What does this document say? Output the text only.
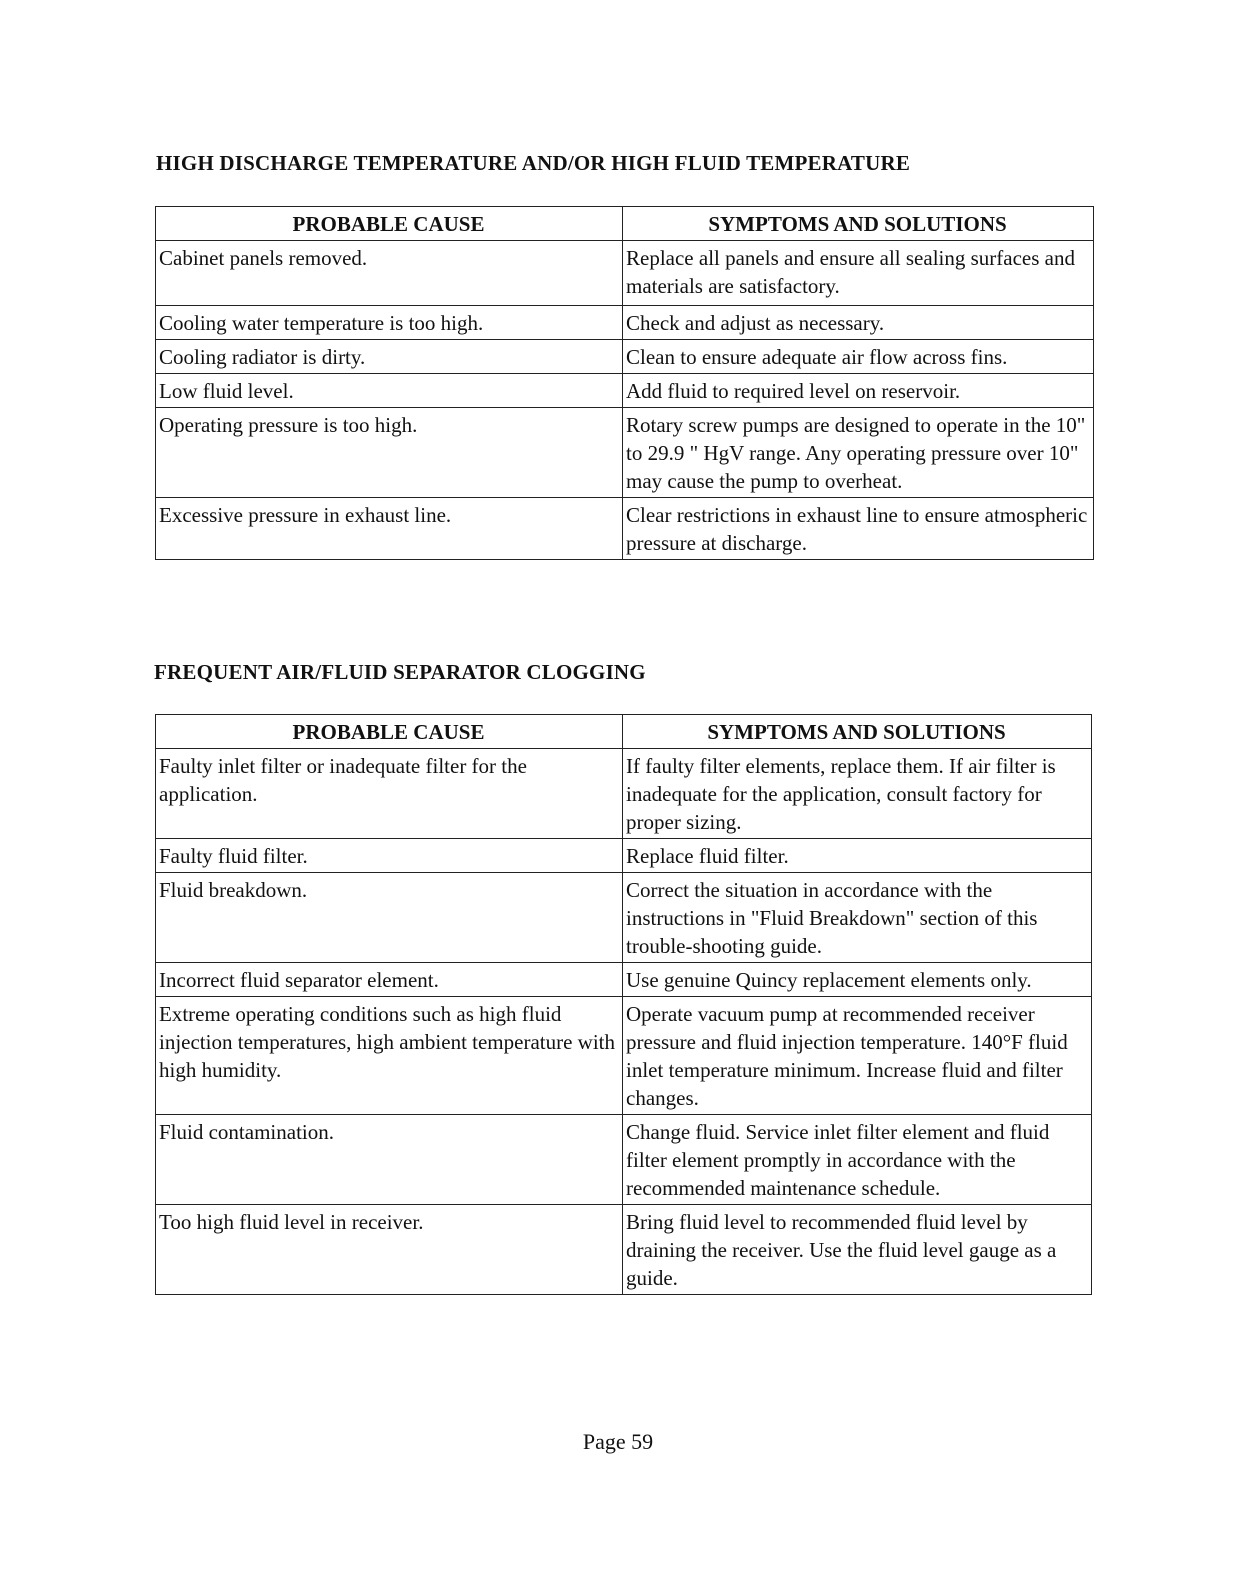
HIGH DISCHARGE TEMPERATURE AND/OR HIGH FLUID TEMPERATURE
PROBABLE CAUSE	SYMPTOMS AND SOLUTIONS
Cabinet panels removed.	Replace all panels and ensure all sealing surfaces and materials are satisfactory.
Cooling water temperature is too high.	Check and adjust as necessary.
Cooling radiator is dirty.	Clean to ensure adequate air flow across fins.
Low fluid level.	Add fluid to required level on reservoir.
Operating pressure is too high.	Rotary screw pumps are designed to operate in the 10" to 29.9 " HgV range. Any operating pressure over 10" may cause the pump to overheat.
Excessive pressure in exhaust line.	Clear restrictions in exhaust line to ensure atmospheric pressure at discharge.
FREQUENT AIR/FLUID SEPARATOR CLOGGING
PROBABLE CAUSE	SYMPTOMS AND SOLUTIONS
Faulty inlet filter or inadequate filter for the application.	If faulty filter elements, replace them. If air filter is inadequate for the application, consult factory for proper sizing.
Faulty fluid filter.	Replace fluid filter.
Fluid breakdown.	Correct the situation in accordance with the instructions in "Fluid Breakdown" section of this trouble-shooting guide.
Incorrect fluid separator element.	Use genuine Quincy replacement elements only.
Extreme operating conditions such as high fluid injection temperatures, high ambient temperature with high humidity.	Operate vacuum pump at recommended receiver pressure and fluid injection temperature. 140°F fluid inlet temperature minimum. Increase fluid and filter changes.
Fluid contamination.	Change fluid. Service inlet filter element and fluid filter element promptly in accordance with the recommended maintenance schedule.
Too high fluid level in receiver.	Bring fluid level to recommended fluid level by draining the receiver. Use the fluid level gauge as a guide.
Page 59
